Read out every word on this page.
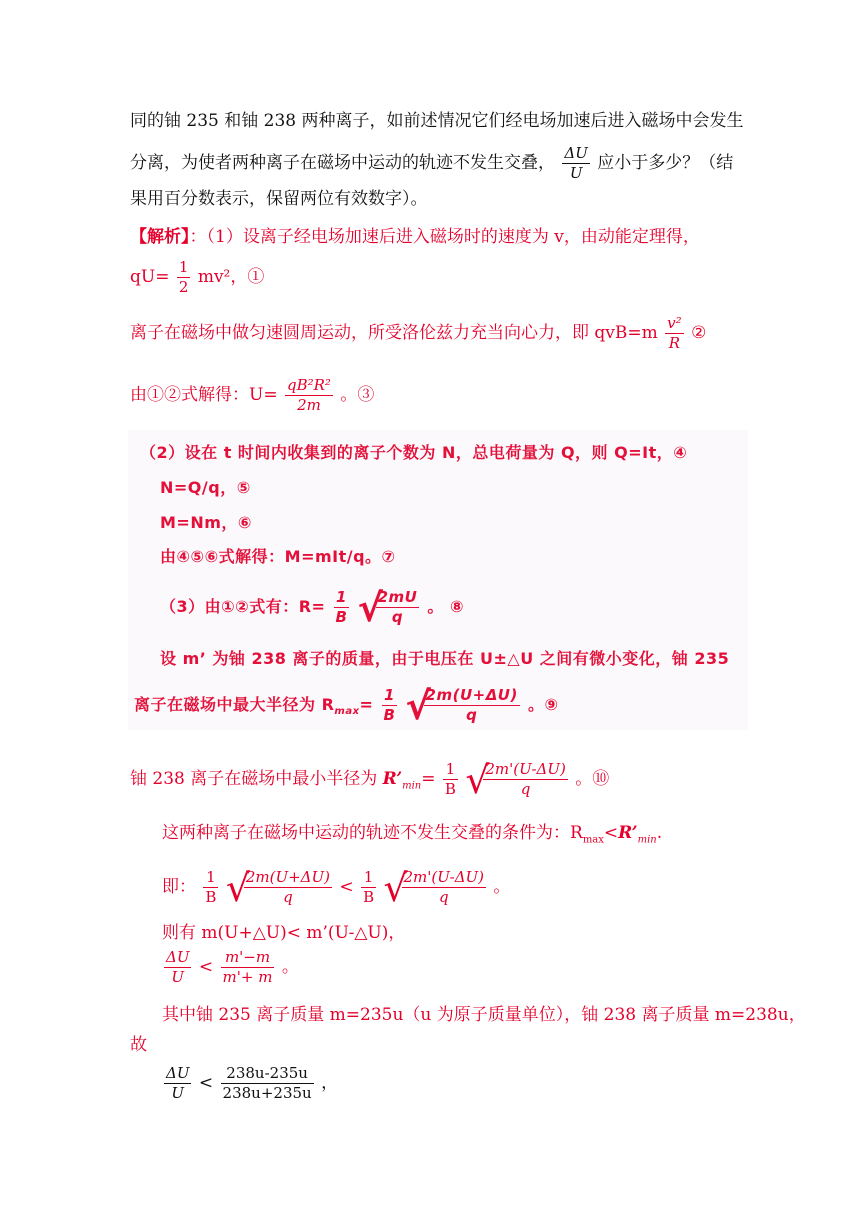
同的铀 235 和铀 238 两种离子，如前述情况它们经电场加速后进入磁场中会发生
分离，为使者两种离子在磁场中运动的轨迹不发生交叠， $\frac{\Delta U}{U}$ 应小于多少？（结
果用百分数表示，保留两位有效数字）。
【解析】：（1）设离子经电场加速后进入磁场时的速度为 v，由动能定理得，
$qU= \frac{1}{2} mv^2$，①
离子在磁场中做匀速圆周运动，所受洛伦兹力充当向心力，即 $qvB=m \frac{\text{v²}}{R}$ ②
由①②式解得：$U= \frac{\text{qB²R²}}{2m}$ 。③
（2）设在 t 时间内收集到的离子个数为 N，总电荷量为 Q，则 Q=It，④
N=Q/q，⑤
M=Nm，⑥
由④⑤⑥式解得：M=mIt/q。⑦
（3）由①②式有：$R= \frac{1}{B}$
√
$\frac{2mU}{q}$ 。 ⑧
设 m’ 为铀 238 离子的质量，由于电压在 U±△U 之间有微小变化，铀 235
离子在磁场中最大半径为 $R_{max}= \frac{1}{B}$
√
$\frac{2m(U+\Delta U)}{q}$ 。⑨
铀 238 离子在磁场中最小半径为 $R’_{min}= \frac{1}{B}$
√
$\frac{2m'(U-\Delta U)}{q}$ 。⑩
这两种离子在磁场中运动的轨迹不发生交叠的条件为：$R_{max}<R’_{min}$.
即： $\frac{1}{B}$
√
$\frac{2m(U+\Delta U)}{q} < \frac{1}{B}$
√
$\frac{2m'(U-\Delta U)}{q}$ 。
则有 m(U+△U)< m’(U-△U)，
$\frac{\Delta U}{U} < \frac{m'-m}{m'+ m}$ 。
其中铀 235 离子质量 m=235u（u 为原子质量单位），铀 238 离子质量 m=238u，
故
$\frac{\Delta U}{U} < \frac{238u-235u}{238u+235u}$ ，
